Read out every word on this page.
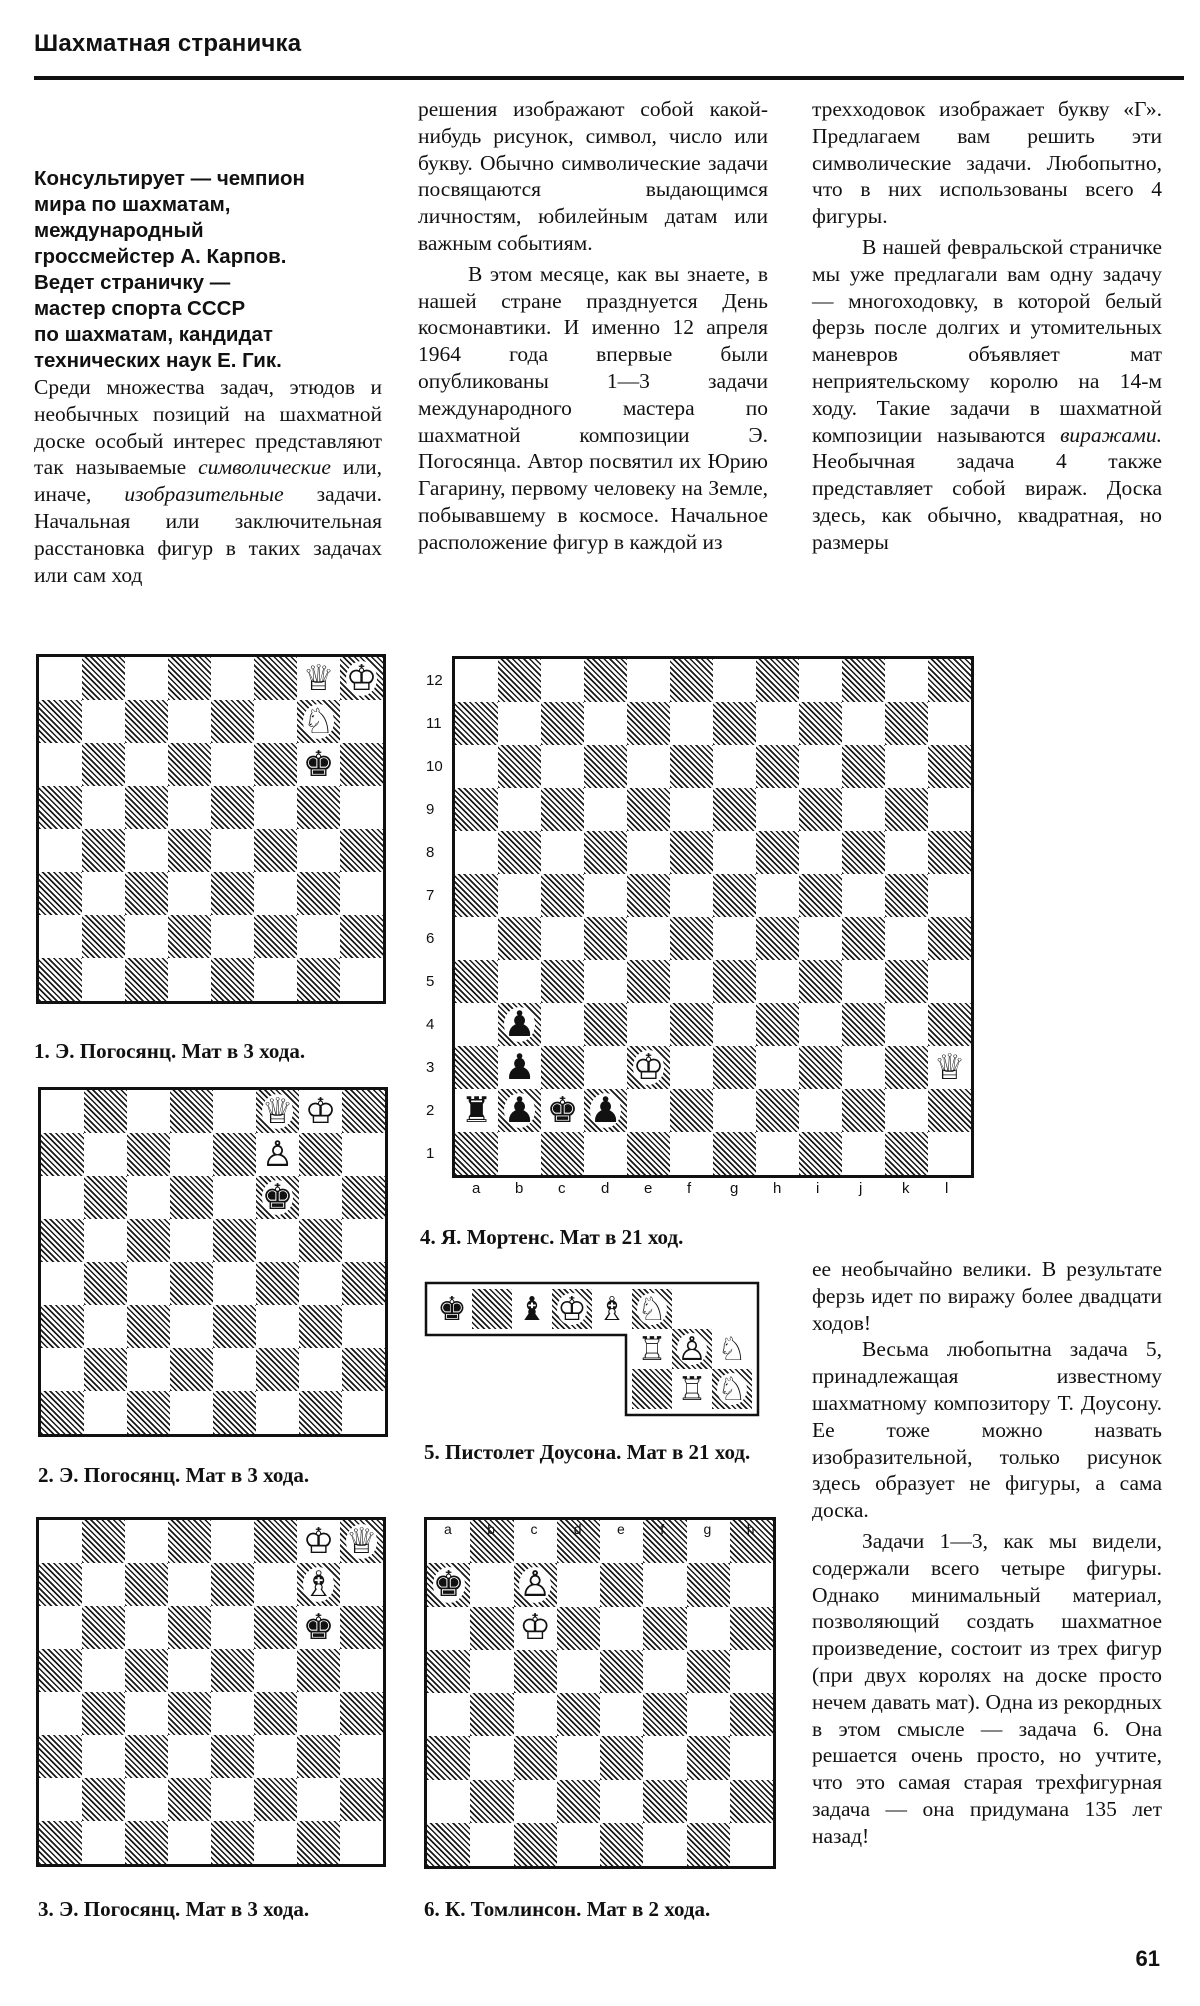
Шахматная страничка
Консультирует — чемпион
мира по шахматам,
международный
гроссмейстер А. Карпов.
Ведет страничку —
мастер спорта СССР
по шахматам, кандидат
технических наук Е. Гик.

Среди множества задач, этюдов и необычных позиций на шахматной доске особый интерес представляют так называемые символические или, иначе, изобразительные задачи. Начальная или заключительная расстановка фигур в таких задачах или сам ход

решения изображают собой какой-нибудь рисунок, символ, число или букву. Обычно символические задачи посвящаются выдающимся личностям, юбилейным датам или важным событиям.

В этом месяце, как вы знаете, в нашей стране празднуется День космонавтики. И именно 12 апреля 1964 года впервые были опубликованы 1—3 задачи международного мастера по шахматной композиции Э. Погосянца. Автор посвятил их Юрию Гагарину, первому человеку на Земле, побывавшему в космосе. Начальное расположение фигур в каждой из

трехходовок изображает букву «Г». Предлагаем вам решить эти символические задачи. Любопытно, что в них использованы всего 4 фигуры.

В нашей февральской страничке мы уже предлагали вам одну задачу — многоходовку, в которой белый ферзь после долгих и утомительных маневров объявляет мат неприятельскому королю на 14-м ходу. Такие задачи в шахматной композиции называются виражами. Необычная задача 4 также представляет собой вираж. Доска здесь, как обычно, квадратная, но размеры

ее необычайно велики. В результате ферзь идет по виражу более двадцати ходов!

Весьма любопытна задача 5, принадлежащая известному шахматному композитору Т. Доусону. Ее тоже можно назвать изобразительной, только рисунок здесь образует не фигуры, а сама доска.

Задачи 1—3, как мы видели, содержали всего четыре фигуры. Однако минимальный материал, позволяющий создать шахматное произведение, состоит из трех фигур (при двух королях на доске просто нечем давать мат). Одна из рекордных в этом смысле — задача 6. Она решается очень просто, но учтите, что это самая старая трехфигурная задача — она придумана 135 лет назад!

♕ ♔
♘
♚
1. Э. Погосянц. Мат в 3 хода.
♕ ♔
♙
♚
2. Э. Погосянц. Мат в 3 хода.
♔ ♕
♗
♚
3. Э. Погосянц. Мат в 3 хода.
♟
♟	♔	♕
♜ ♟ ♚ ♟
12
11
10
9
8
7
6
5
4
3
2
1
a b c d e f	g h i	j	k l
4. Я. Мортенс. Мат в 21 ход.
♚ ♝ ♔ ♗ ♘
♖ ♙ ♘
♖ ♘
5. Пистолет Доусона. Мат в 21 ход.
♚ ♙
♔
a	b	c	d	e	f	g	h
6. К. Томлинсон. Мат в 2 хода.
61
